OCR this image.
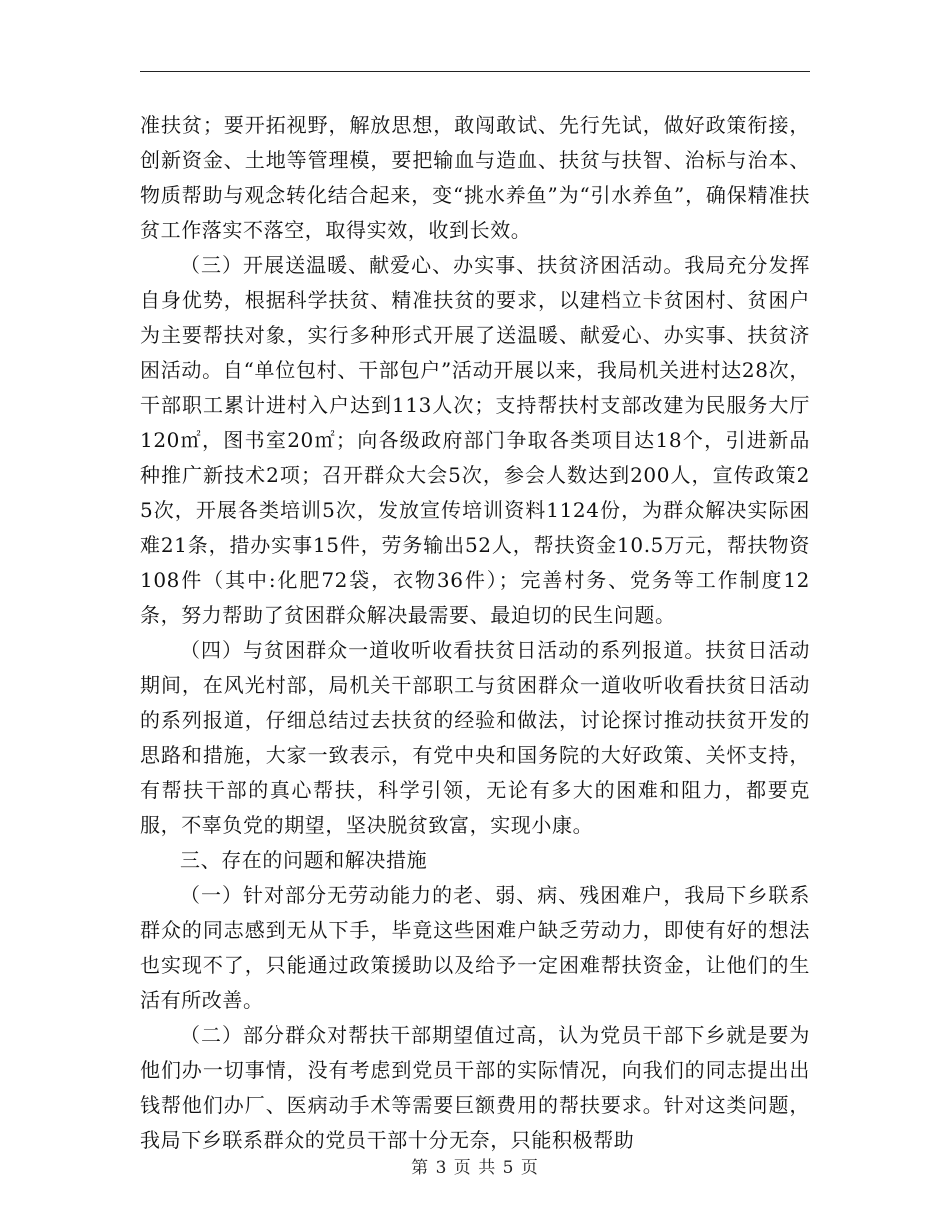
准扶贫；要开拓视野，解放思想，敢闯敢试、先行先试，做好政策衔接，创新资金、土地等管理模，要把输血与造血、扶贫与扶智、治标与治本、物质帮助与观念转化结合起来，变“挑水养鱼”为“引水养鱼”，确保精准扶贫工作落实不落空，取得实效，收到长效。

（三）开展送温暖、献爱心、办实事、扶贫济困活动。我局充分发挥自身优势，根据科学扶贫、精准扶贫的要求，以建档立卡贫困村、贫困户为主要帮扶对象，实行多种形式开展了送温暖、献爱心、办实事、扶贫济困活动。自“单位包村、干部包户”活动开展以来，我局机关进村达28次，干部职工累计进村入户达到113人次；支持帮扶村支部改建为民服务大厅120㎡，图书室20㎡；向各级政府部门争取各类项目达18个，引进新品种推广新技术2项；召开群众大会5次，参会人数达到200人，宣传政策25次，开展各类培训5次，发放宣传培训资料1124份，为群众解决实际困难21条，措办实事15件，劳务输出52人，帮扶资金10.5万元，帮扶物资108件（其中:化肥72袋，衣物36件）；完善村务、党务等工作制度12条，努力帮助了贫困群众解决最需要、最迫切的民生问题。

（四）与贫困群众一道收听收看扶贫日活动的系列报道。扶贫日活动期间，在风光村部，局机关干部职工与贫困群众一道收听收看扶贫日活动的系列报道，仔细总结过去扶贫的经验和做法，讨论探讨推动扶贫开发的思路和措施，大家一致表示，有党中央和国务院的大好政策、关怀支持，有帮扶干部的真心帮扶，科学引领，无论有多大的困难和阻力，都要克服，不辜负党的期望，坚决脱贫致富，实现小康。

三、存在的问题和解决措施

（一）针对部分无劳动能力的老、弱、病、残困难户，我局下乡联系群众的同志感到无从下手，毕竟这些困难户缺乏劳动力，即使有好的想法也实现不了，只能通过政策援助以及给予一定困难帮扶资金，让他们的生活有所改善。

（二）部分群众对帮扶干部期望值过高，认为党员干部下乡就是要为他们办一切事情，没有考虑到党员干部的实际情况，向我们的同志提出出钱帮他们办厂、医病动手术等需要巨额费用的帮扶要求。针对这类问题，我局下乡联系群众的党员干部十分无奈，只能积极帮助

第 3 页 共 5 页
